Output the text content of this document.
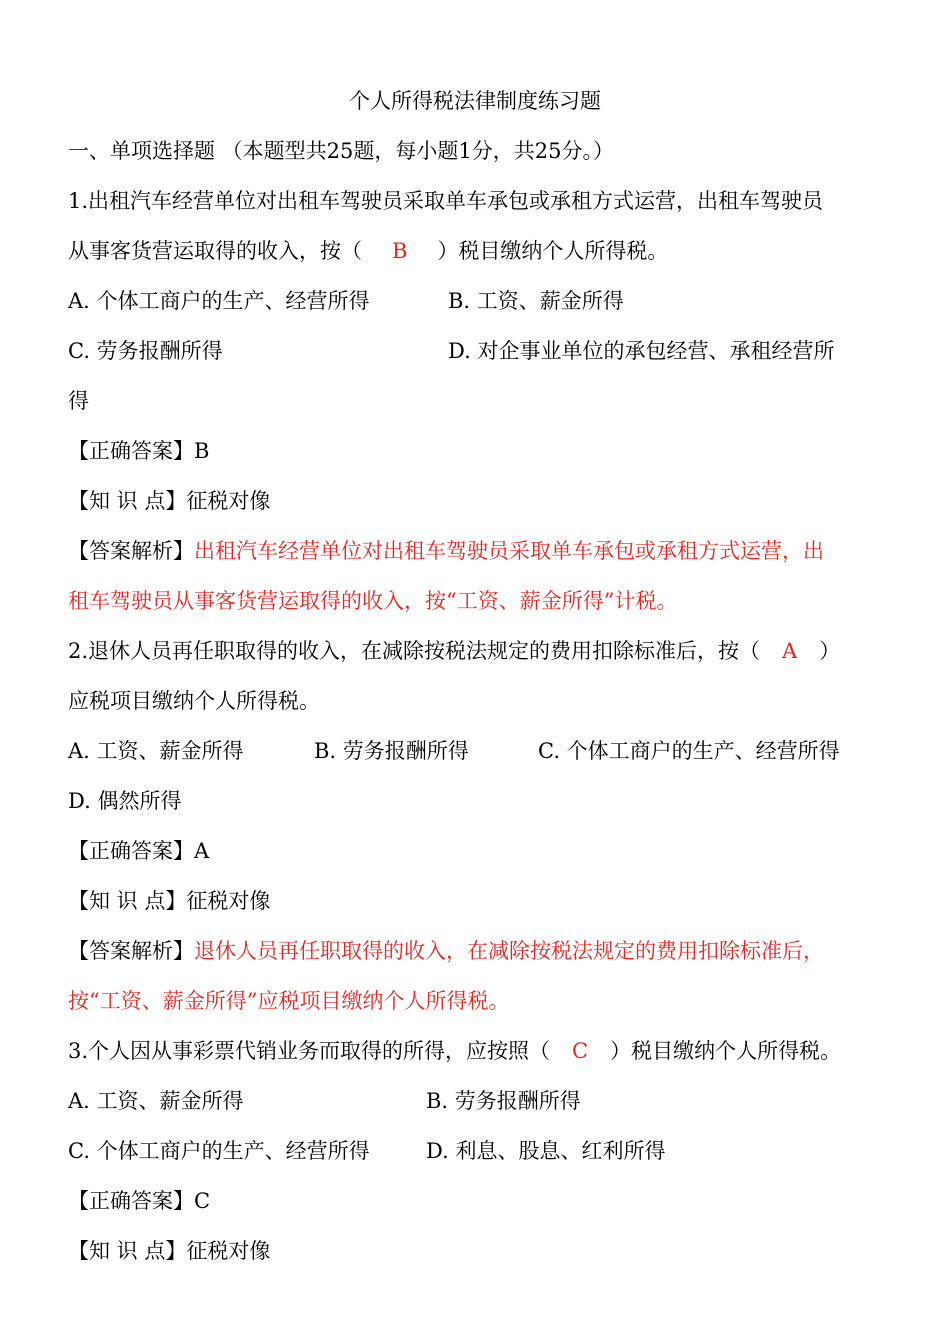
个人所得税法律制度练习题
一、单项选择题 （本题型共25题，每小题1分，共25分。）
1.出租汽车经营单位对出租车驾驶员采取单车承包或承租方式运营，出租车驾驶员
从事客货营运取得的收入，按（ B ）税目缴纳个人所得税。
A. 个体工商户的生产、经营所得	B. 工资、薪金所得
C. 劳务报酬所得	D. 对企事业单位的承包经营、承租经营所
得
【正确答案】B
【知 识 点】征税对像
【答案解析】出租汽车经营单位对出租车驾驶员采取单车承包或承租方式运营，出
租车驾驶员从事客货营运取得的收入，按“工资、薪金所得”计税。
2.退休人员再任职取得的收入，在减除按税法规定的费用扣除标准后，按（ A ）
应税项目缴纳个人所得税。
A. 工资、薪金所得	B. 劳务报酬所得	C. 个体工商户的生产、经营所得
D. 偶然所得
【正确答案】A
【知 识 点】征税对像
【答案解析】退休人员再任职取得的收入，在减除按税法规定的费用扣除标准后，
按“工资、薪金所得”应税项目缴纳个人所得税。
3.个人因从事彩票代销业务而取得的所得，应按照（ C ）税目缴纳个人所得税。
A. 工资、薪金所得	B. 劳务报酬所得
C. 个体工商户的生产、经营所得	D. 利息、股息、红利所得
【正确答案】C
【知 识 点】征税对像
